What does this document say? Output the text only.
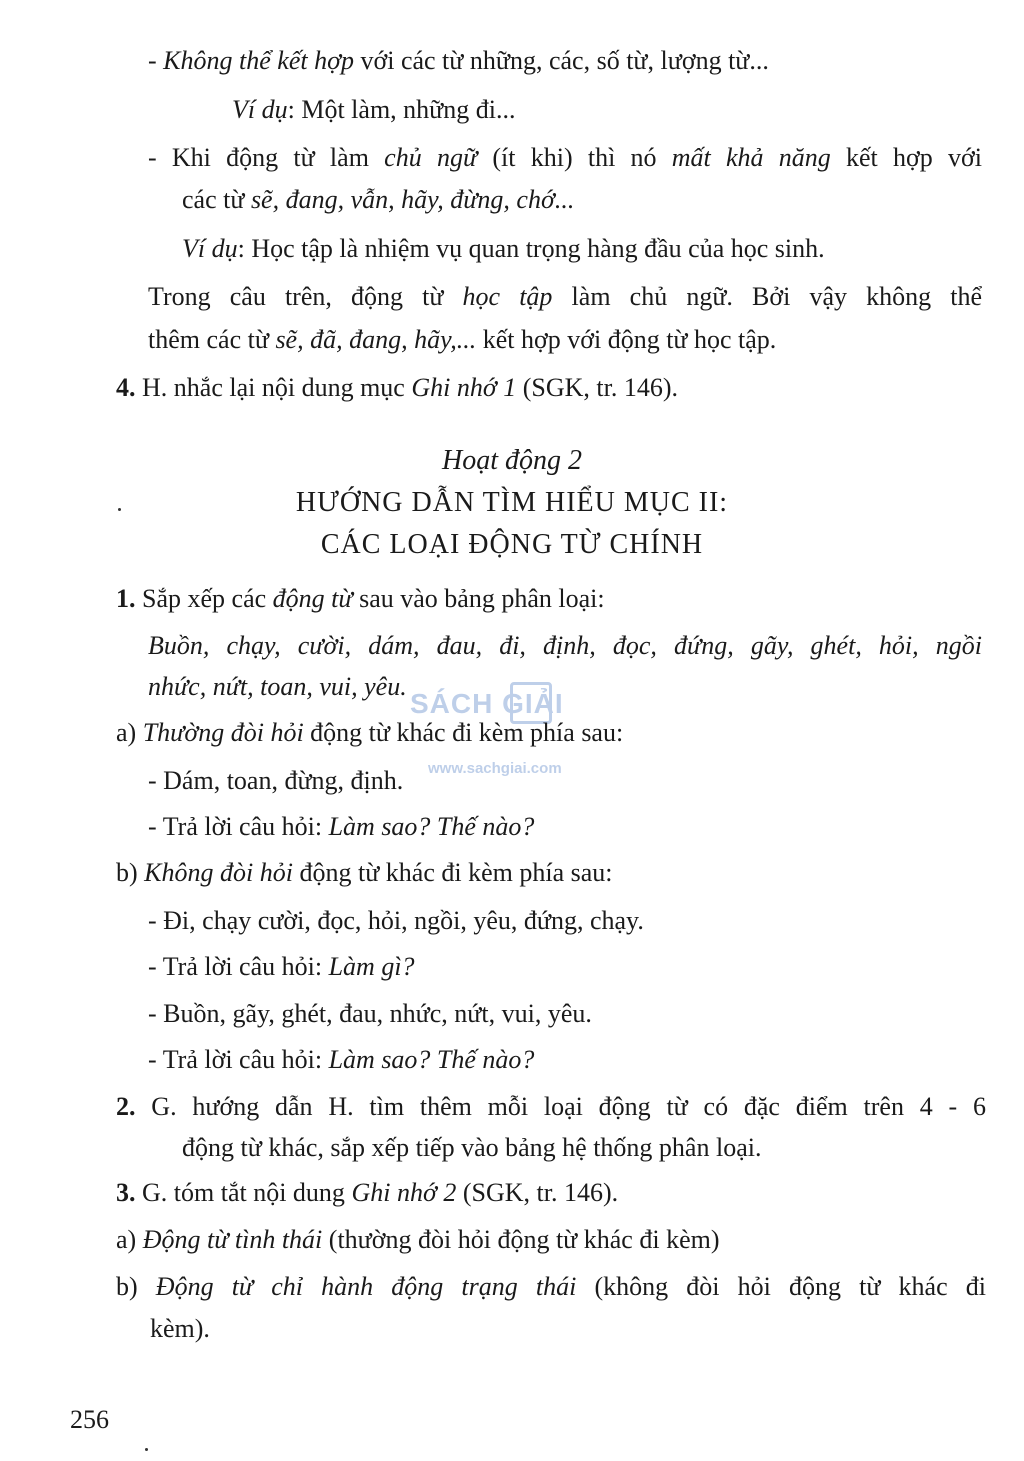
- Không thể kết hợp với các từ những, các, số từ, lượng từ...
Ví dụ: Một làm, những đi...
- Khi động từ làm chủ ngữ (ít khi) thì nó mất khả năng kết hợp với
các từ sẽ, đang, vẫn, hãy, đừng, chớ...
Ví dụ: Học tập là nhiệm vụ quan trọng hàng đầu của học sinh.
Trong câu trên, động từ học tập làm chủ ngữ. Bởi vậy không thể
thêm các từ sẽ, đã, đang, hãy,... kết hợp với động từ học tập.
4. H. nhắc lại nội dung mục Ghi nhớ 1 (SGK, tr. 146).
Hoạt động 2
HƯỚNG DẪN TÌM HIỂU MỤC II:
CÁC LOẠI ĐỘNG TỪ CHÍNH
1. Sắp xếp các động từ sau vào bảng phân loại:
Buồn, chạy, cười, dám, đau, đi, định, đọc, đứng, gãy, ghét, hỏi, ngồi
nhức, nứt, toan, vui, yêu.
SÁCH GIẢI
www.sachgiai.com
a) Thường đòi hỏi động từ khác đi kèm phía sau:
- Dám, toan, đừng, định.
- Trả lời câu hỏi: Làm sao? Thế nào?
b) Không đòi hỏi động từ khác đi kèm phía sau:
- Đi, chạy cười, đọc, hỏi, ngồi, yêu, đứng, chạy.
- Trả lời câu hỏi: Làm gì?
- Buồn, gãy, ghét, đau, nhức, nứt, vui, yêu.
- Trả lời câu hỏi: Làm sao? Thế nào?
2. G. hướng dẫn H. tìm thêm mỗi loại động từ có đặc điểm trên 4 - 6
động từ khác, sắp xếp tiếp vào bảng hệ thống phân loại.
3. G. tóm tắt nội dung Ghi nhớ 2 (SGK, tr. 146).
a) Động từ tình thái (thường đòi hỏi động từ khác đi kèm)
b) Động từ chỉ hành động trạng thái (không đòi hỏi động từ khác đi
kèm).
256
